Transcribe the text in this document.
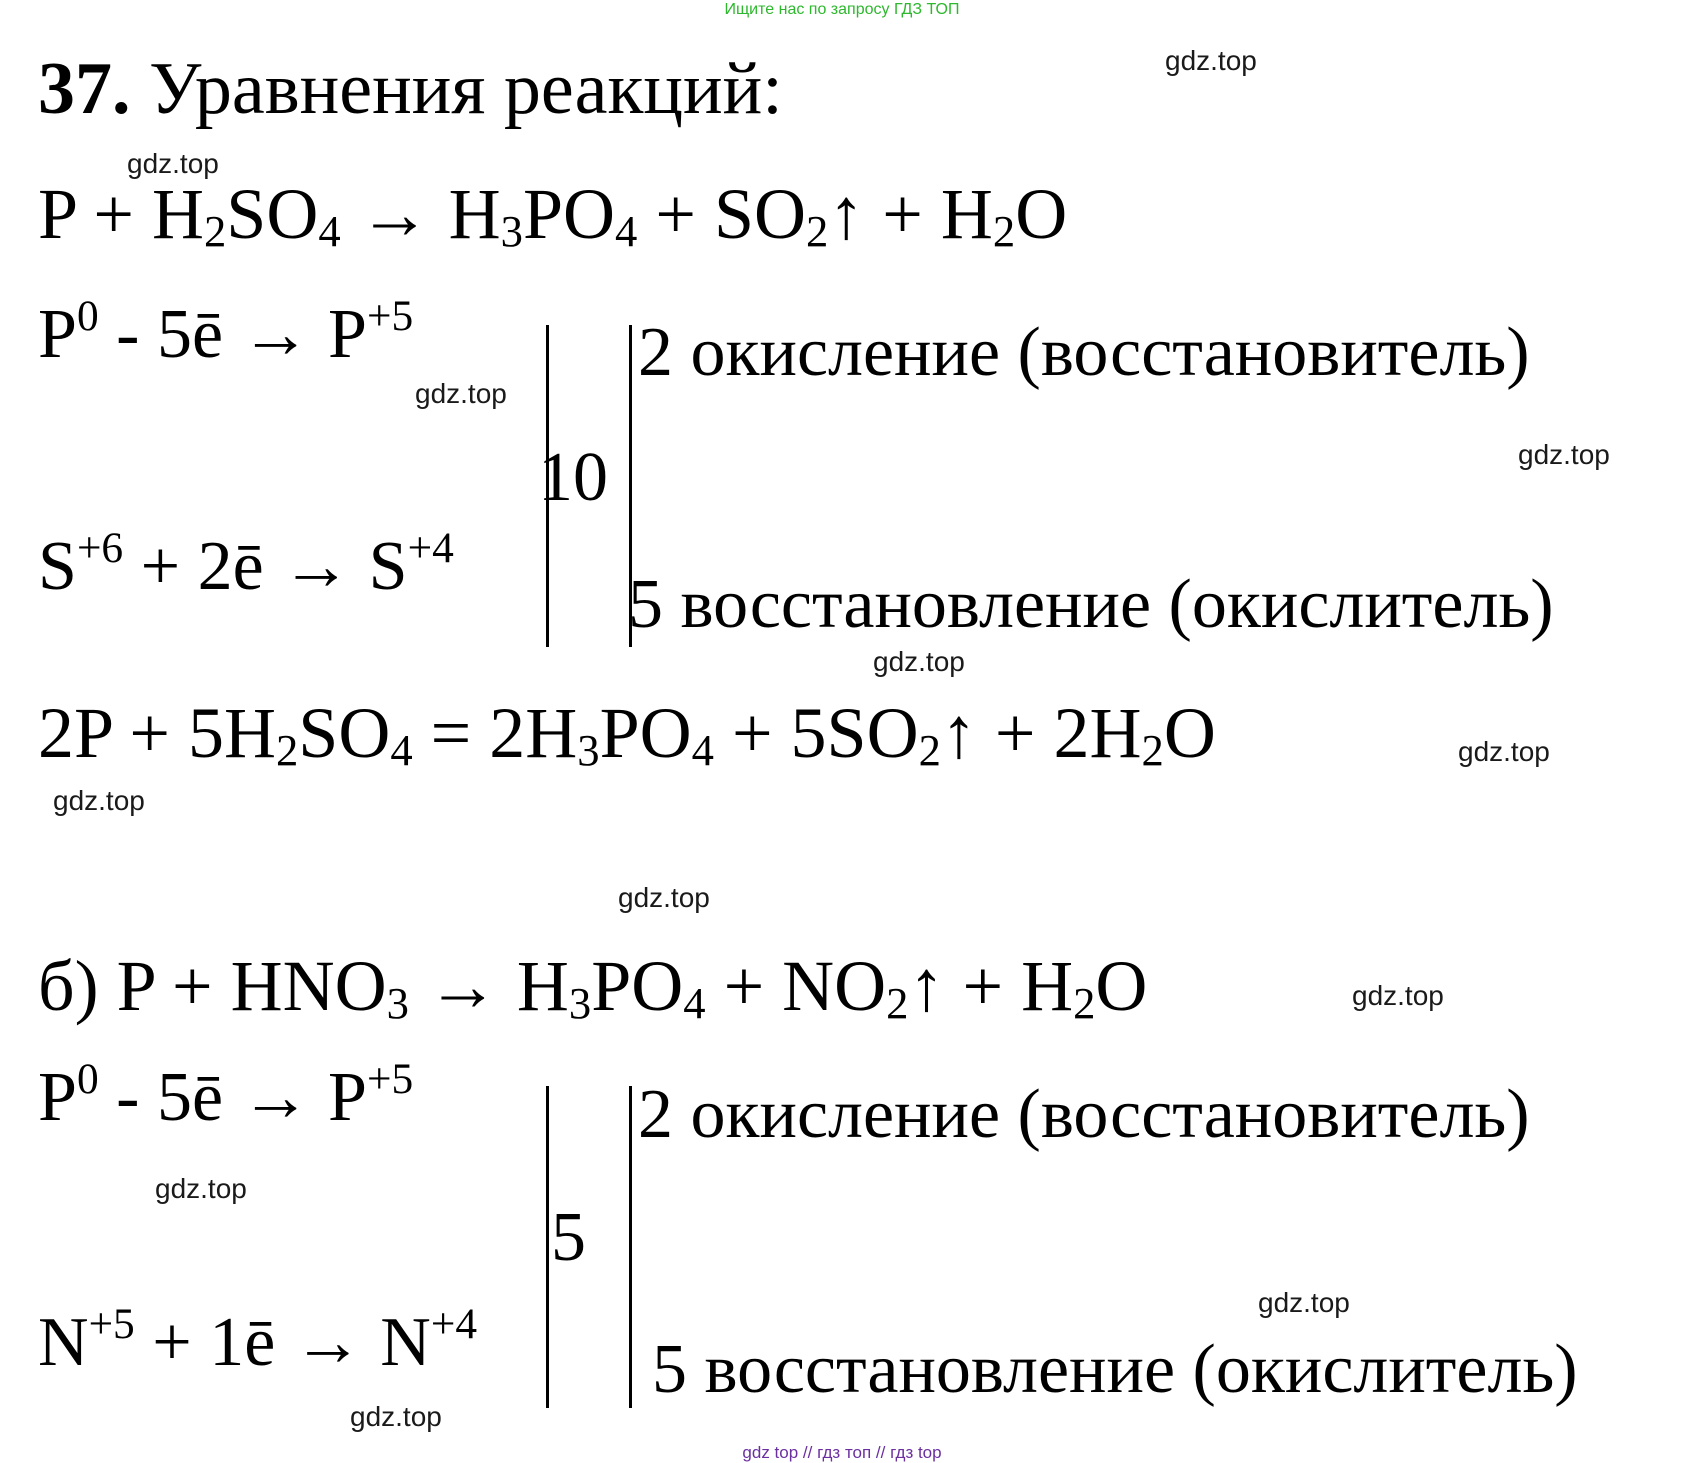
Ищите нас по запросу ГДЗ ТОП
37. Уравнения реакций:
$P + H_2SO_4 \to H_3PO_4$ + $SO_2↑ + H_2O$
$P^0$ - 5ē → $P^{+5}$
$S^{+6}$ + 2ē → $S^{+4}$
10
2 окисление (восстановитель)
5 восстановление (окислитель)
$2P + 5H_2SO_4 = 2H_3PO_4$ + $5SO_2↑ + 2H_2O$
б) $P + HNO_3 \to H_3PO_4$ + $NO_2↑ + H_2O$
$P^0$ - 5ē → $P^{+5}$
$N^{+5}$ + 1ē → $N^{+4}$
5
2 окисление (восстановитель)
5 восстановление (окислитель)
gdz.top
gdz.top
gdz.top
gdz.top
gdz.top
gdz.top
gdz.top
gdz.top
gdz.top
gdz.top
gdz.top
gdz.top
gdz top // гдз топ // гдз top
